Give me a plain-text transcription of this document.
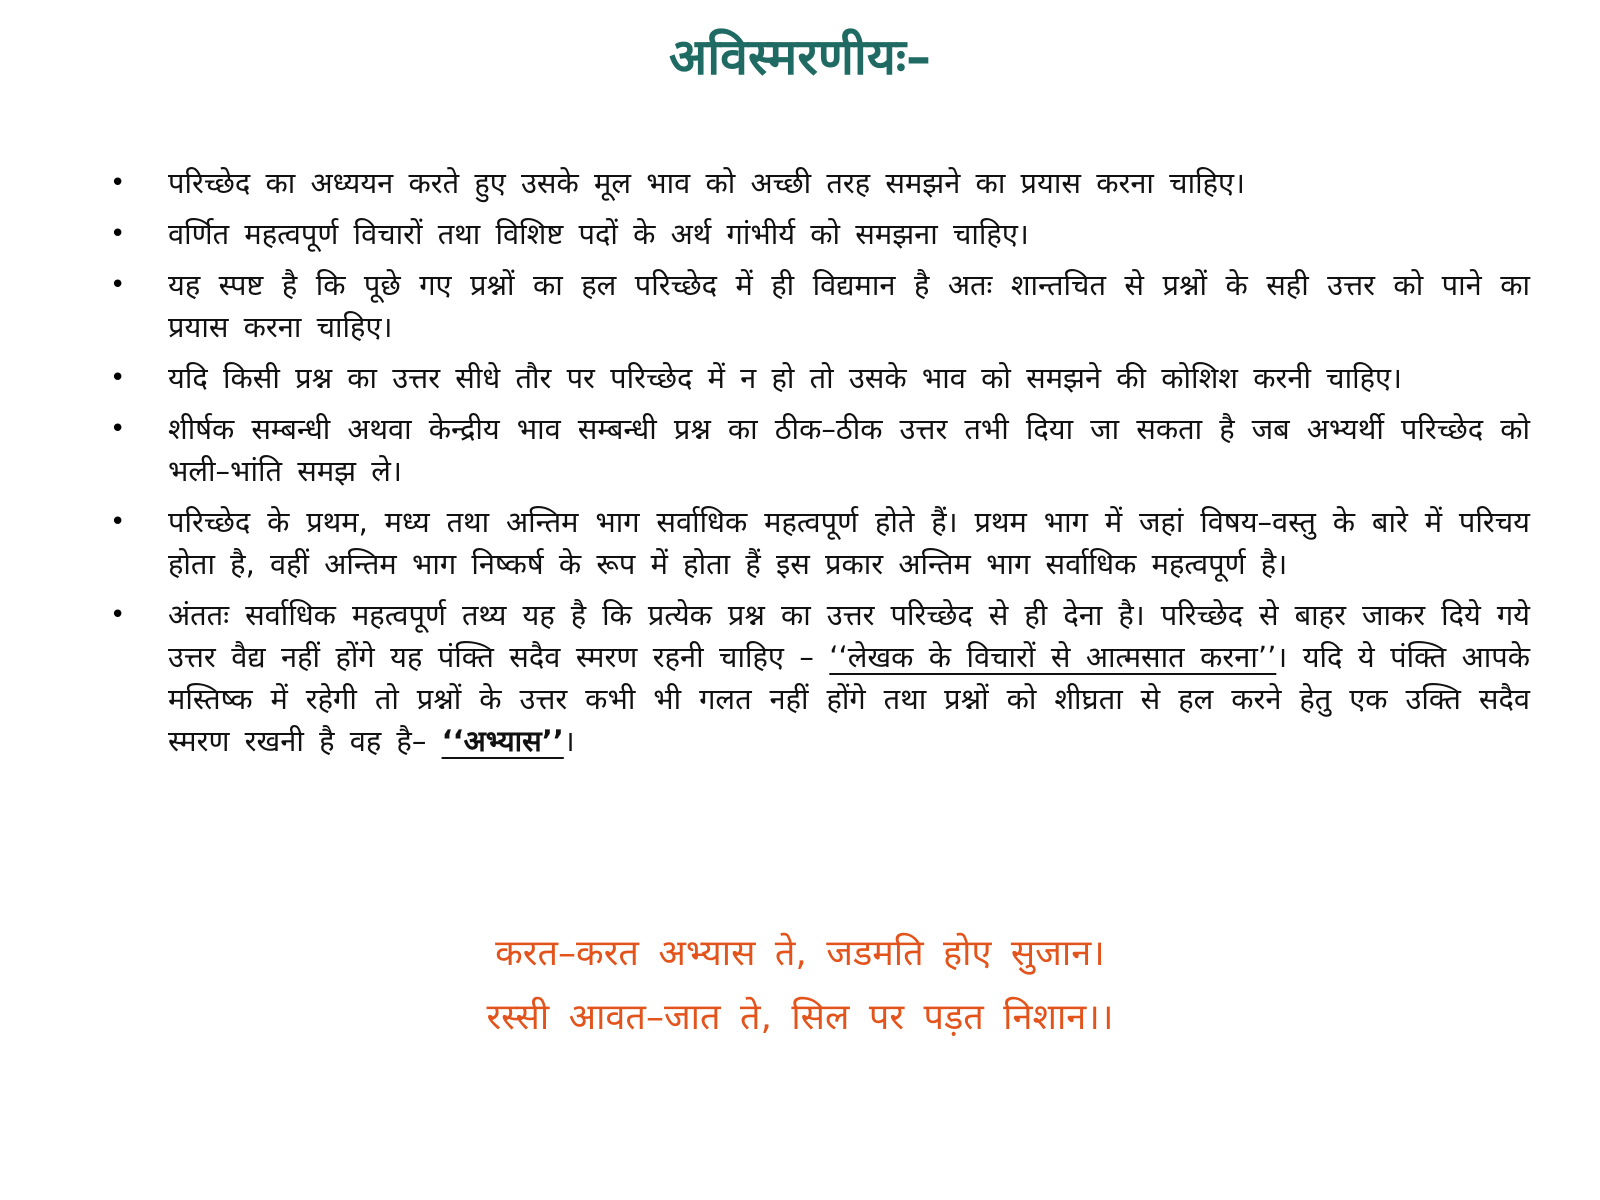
अविस्मरणीयः–
• परिच्छेद का अध्ययन करते हुए उसके मूल भाव को अच्छी तरह समझने का प्रयास करना चाहिए।
• वर्णित महत्वपूर्ण विचारों तथा विशिष्ट पदों के अर्थ गांभीर्य को समझना चाहिए।
• यह स्पष्ट है कि पूछे गए प्रश्नों का हल परिच्छेद में ही विद्यमान है अतः शान्तचित से प्रश्नों के सही उत्तर को पाने का प्रयास करना चाहिए।
• यदि किसी प्रश्न का उत्तर सीधे तौर पर परिच्छेद में न हो तो उसके भाव को समझने की कोशिश करनी चाहिए।
• शीर्षक सम्बन्धी अथवा केन्द्रीय भाव सम्बन्धी प्रश्न का ठीक–ठीक उत्तर तभी दिया जा सकता है जब अभ्यर्थी परिच्छेद को भली–भांति समझ ले।
• परिच्छेद के प्रथम, मध्य तथा अन्तिम भाग सर्वाधिक महत्वपूर्ण होते हैं। प्रथम भाग में जहां विषय–वस्तु के बारे में परिचय होता है, वहीं अन्तिम भाग निष्कर्ष के रूप में होता हैं इस प्रकार अन्तिम भाग सर्वाधिक महत्वपूर्ण है।
• अंततः सर्वाधिक महत्वपूर्ण तथ्य यह है कि प्रत्येक प्रश्न का उत्तर परिच्छेद से ही देना है। परिच्छेद से बाहर जाकर दिये गये उत्तर वैद्य नहीं होंगे यह पंक्ति सदैव स्मरण रहनी चाहिए – ‘‘लेखक के विचारों से आत्मसात करना’’। यदि ये पंक्ति आपके मस्तिष्क में रहेगी तो प्रश्नों के उत्तर कभी भी गलत नहीं होंगे तथा प्रश्नों को शीघ्रता से हल करने हेतु एक उक्ति सदैव स्मरण रखनी है वह है– ‘‘अभ्यास’’।
करत–करत अभ्यास ते, जडमति होए सुजान।
रस्सी आवत–जात ते, सिल पर पड़त निशान।।
